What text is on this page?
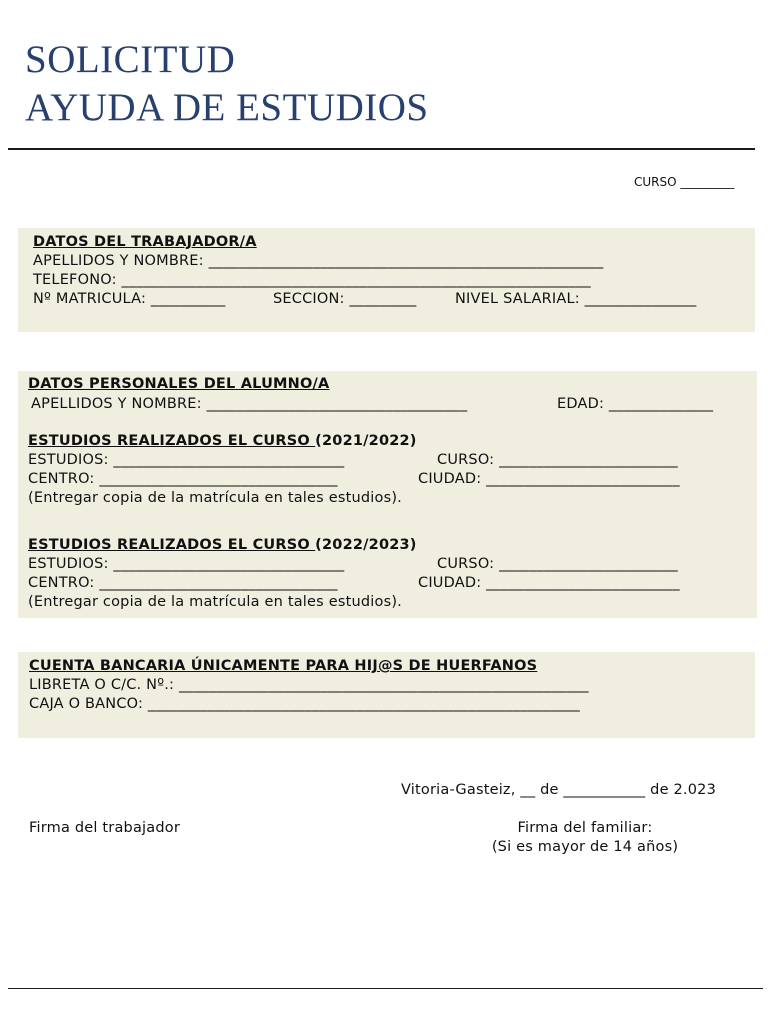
SOLICITUD
AYUDA DE ESTUDIOS
CURSO _________
DATOS DEL TRABAJADOR/A
APELLIDOS Y NOMBRE: _____________________________________________________
TELEFONO: _______________________________________________________________
Nº MATRICULA: __________	SECCION: _________	NIVEL SALARIAL: _______________
DATOS PERSONALES DEL ALUMNO/A
APELLIDOS Y NOMBRE: ___________________________________	EDAD: ______________
ESTUDIOS REALIZADOS EL CURSO (2021/2022)
ESTUDIOS: _______________________________	CURSO: ________________________
CENTRO: ________________________________	CIUDAD: __________________________
(Entregar copia de la matrícula en tales estudios).
ESTUDIOS REALIZADOS EL CURSO (2022/2023)
ESTUDIOS: _______________________________	CURSO: ________________________
CENTRO: ________________________________	CIUDAD: __________________________
(Entregar copia de la matrícula en tales estudios).
CUENTA BANCARIA ÚNICAMENTE PARA HIJ@S DE HUERFANOS
LIBRETA O C/C. Nº.: _______________________________________________________
CAJA O BANCO: __________________________________________________________
Vitoria-Gasteiz, __ de ___________ de 2.023
Firma del trabajador	Firma del familiar:
(Si es mayor de 14 años)
